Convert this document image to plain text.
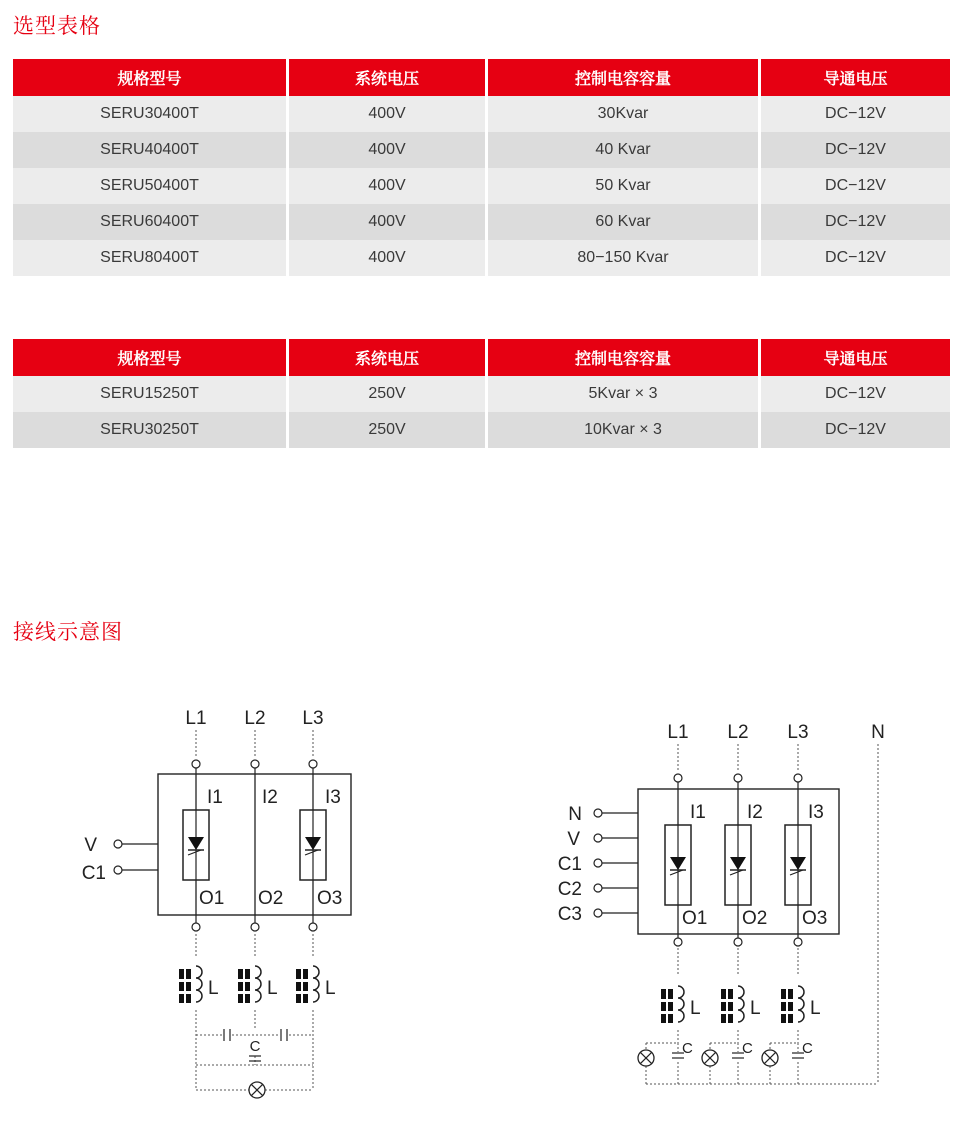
选型表格
规格型号	系统电压	控制电容容量	导通电压
SERU30400T	400V	30Kvar	DC−12V
SERU40400T	400V	40 Kvar	DC−12V
SERU50400T	400V	50 Kvar	DC−12V
SERU60400T	400V	60 Kvar	DC−12V
SERU80400T	400V	80−150 Kvar	DC−12V
规格型号	系统电压	控制电容容量	导通电压
SERU15250T	250V	5Kvar × 3	DC−12V
SERU30250T	250V	10Kvar × 3	DC−12V
接线示意图
L1 L2 L3
C
I1 I2 I3
O1 O2 O3
V
C1
L	L L
L1 L2 L3	N
C	C	C
I1 I2 I3
O1 O2 O3
N
V
C1
C2
C3
L	L	L
